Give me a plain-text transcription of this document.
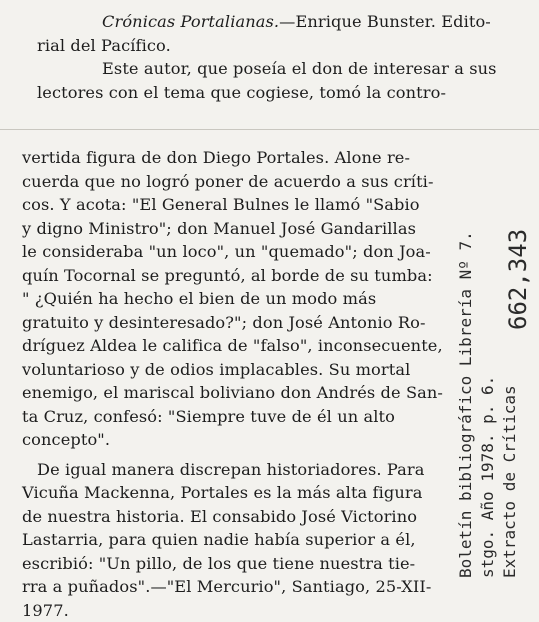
Crónicas Portalianas.—Enrique Bunster. Edito-
rial del Pacífico.
Este autor, que poseía el don de interesar a sus
lectores con el tema que cogiese, tomó la contro-
vertida figura de don Diego Portales. Alone re-
cuerda que no logró poner de acuerdo a sus críti-
cos. Y acota: "El General Bulnes le llamó "Sabio
y digno Ministro"; don Manuel José Gandarillas
le consideraba "un loco", un "quemado"; don Joa-
quín Tocornal se preguntó, al borde de su tumba:
" ¿Quién ha hecho el bien de un modo más
gratuito y desinteresado?"; don José Antonio Ro-
dríguez Aldea le califica de "falso", inconsecuente,
voluntarioso y de odios implacables. Su mortal
enemigo, el mariscal boliviano don Andrés de San-
ta Cruz, confesó: "Siempre tuve de él un alto
concepto".
De igual manera discrepan historiadores. Para
Vicuña Mackenna, Portales es la más alta figura
de nuestra historia. El consabido José Victorino
Lastarria, para quien nadie había superior a él,
escribió: "Un pillo, de los que tiene nuestra tie-
rra a puñados".—"El Mercurio", Santiago, 25-XII-
1977.
Boletín bibliográfico Librería Nº 7. stgo. Año 1978. p. 6. Extracto de Críticas
662,343
